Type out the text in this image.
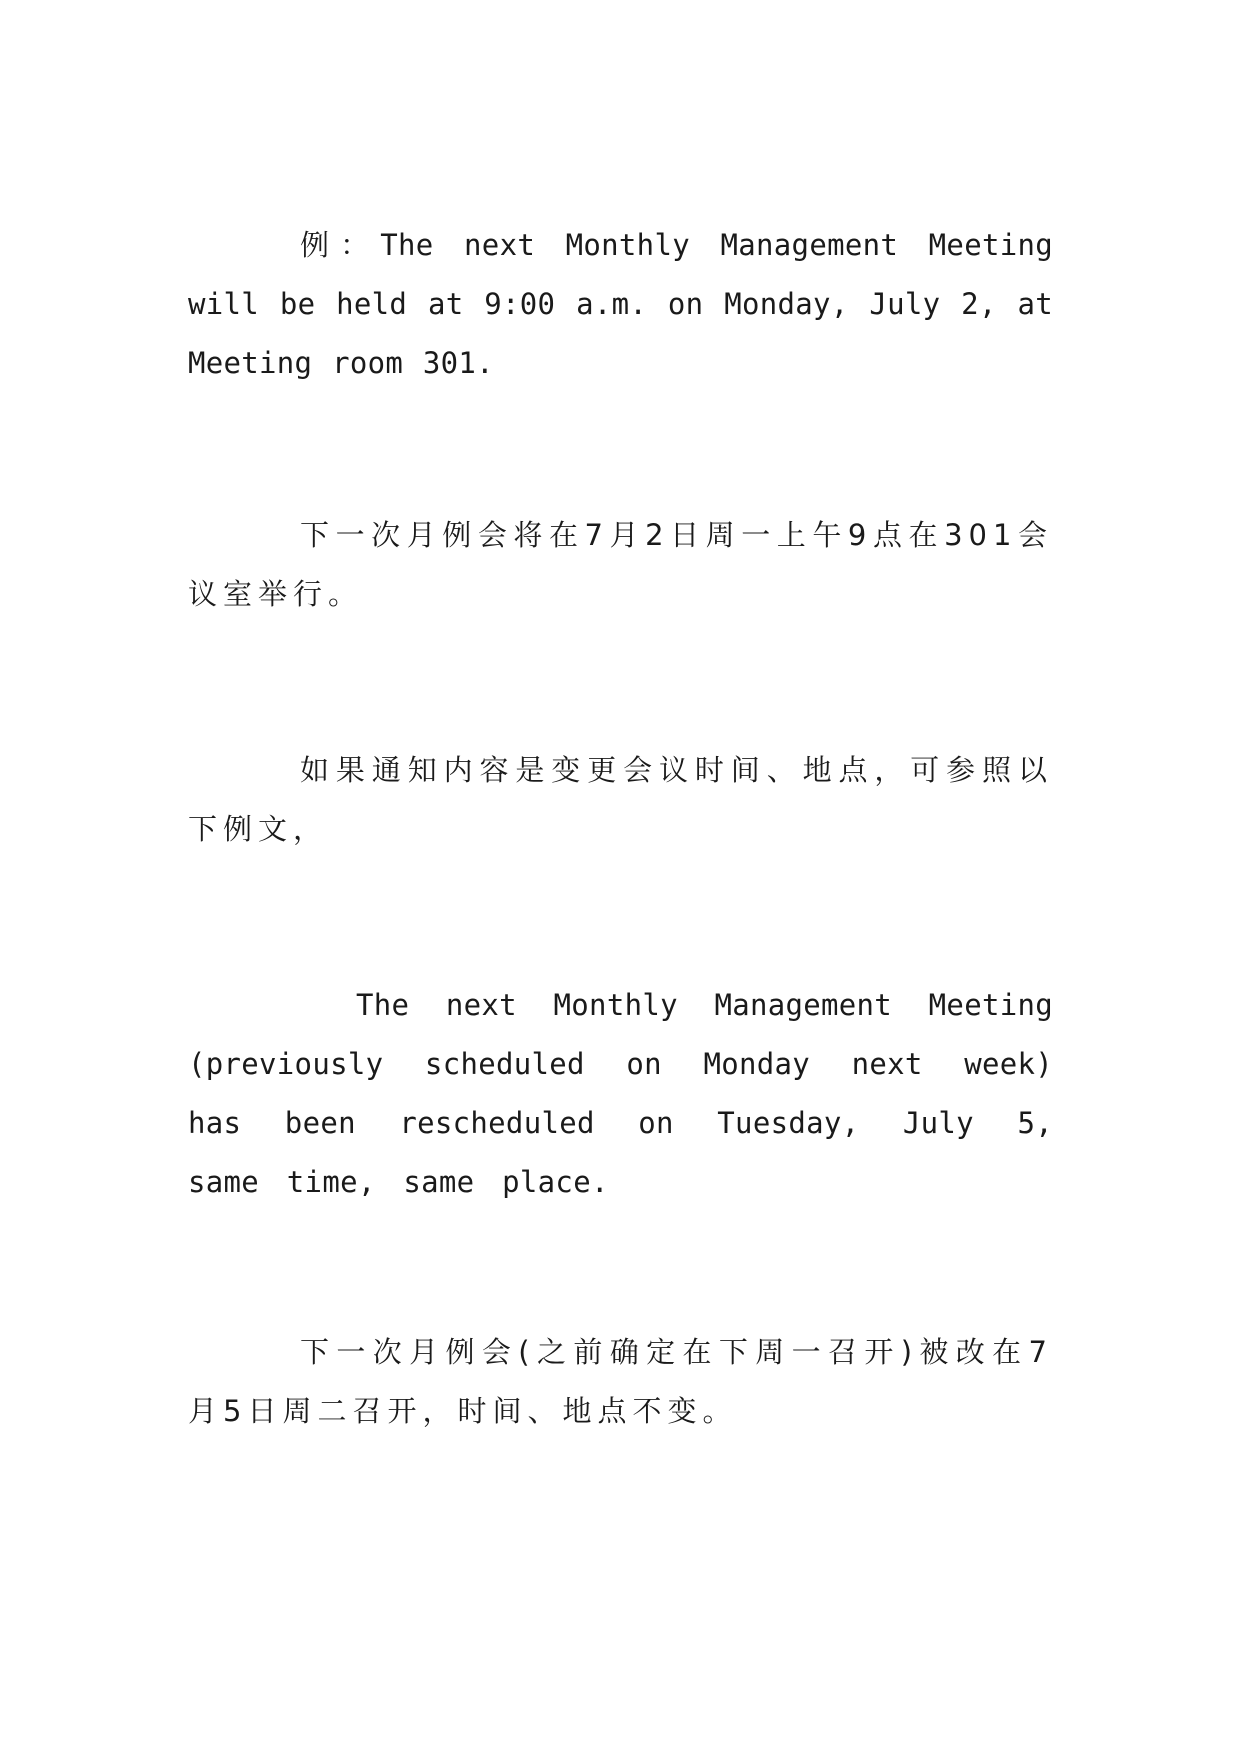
例：The next Monthly Management Meeting will be held at 9:00 a.m. on Monday, July 2, at Meeting room 301.

下一次月例会将在7月2日周一上午9点在301会议室举行。

如果通知内容是变更会议时间、地点，可参照以下例文，

The next Monthly Management Meeting (previously scheduled on Monday next week) has been rescheduled on Tuesday, July 5, same time, same place.

下一次月例会(之前确定在下周一召开)被改在7月5日周二召开，时间、地点不变。
